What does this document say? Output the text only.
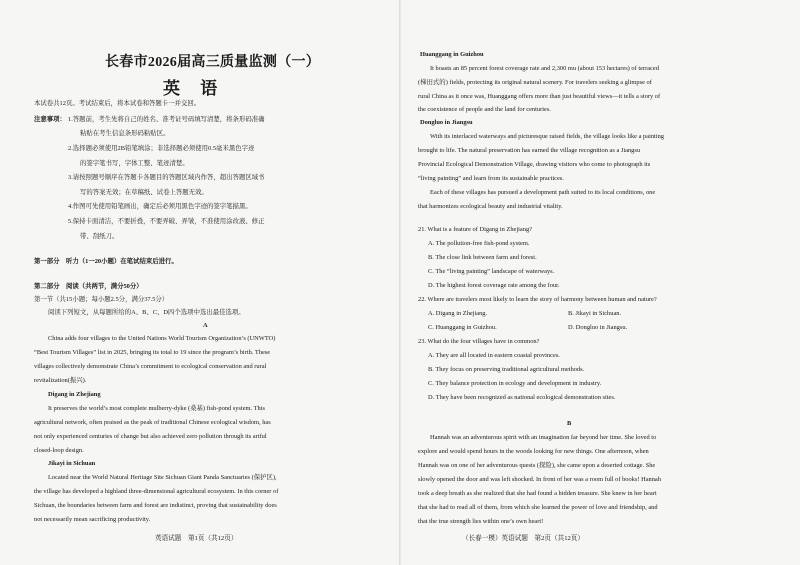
长春市2026届高三质量监测（一）
英 语
本试卷共12页。考试结束后，将本试卷和答题卡一并交回。
注意事项： 1.答题前，考生先将自己的姓名、准考证号码填写清楚，将条形码准确
粘贴在考生信息条形码粘贴区。
2.选择题必须使用2B铅笔填涂；非选择题必须使用0.5毫米黑色字迹
的签字笔书写，字体工整、笔迹清楚。
3.请按照题号顺序在答题卡各题目的答题区域内作答，超出答题区域书
写的答案无效；在草稿纸、试卷上答题无效。
4.作图可先使用铅笔画出，确定后必须用黑色字迹的签字笔描黑。
5.保持卡面清洁，不要折叠，不要弄破、弄皱，不准使用涂改液、修正
带、刮纸刀。
第一部分　听力（1一20小题）在笔试结束后进行。
第二部分　阅读（共两节，满分50分）
第一节（共15小题；每小题2.5分，满分37.5分）
阅读下列短文，从每题所给的A、B、C、D四个选项中选出最佳选项。
A
China adds four villages to the United Nations World Tourism Organization’s (UNWTO)
“Best Tourism Villages” list in 2025, bringing its total to 19 since the program’s birth. These
villages collectively demonstrate China’s commitment to ecological conservation and rural
revitalization(振兴).
Digang in Zhejiang
It preserves the world’s most complete mulberry-dyke (桑基) fish-pond system. This
agricultural network, often praised as the peak of traditional Chinese ecological wisdom, has
not only experienced centuries of change but also achieved zero pollution through its artful
closed-loop design.
Jikayi in Sichuan
Located near the World Natural Heritage Site Sichuan Giant Panda Sanctuaries (保护区),
the village has developed a highland three-dimensional agricultural ecosystem. In this corner of
Sichuan, the boundaries between farm and forest are indistinct, proving that sustainability does
not necessarily mean sacrificing productivity.
英语试题　第1页（共12页）
Huanggang in Guizhou
It boasts an 85 percent forest coverage rate and 2,300 mu (about 153 hectares) of terraced
(梯田式的) fields, protecting its original natural scenery. For travelers seeking a glimpse of
rural China as it once was, Huanggang offers more than just beautiful views—it tells a story of
the coexistence of people and the land for centuries.
Dongluo in Jiangsu
With its interlaced waterways and picturesque raised fields, the village looks like a painting
brought to life. The natural preservation has earned the village recognition as a Jiangsu
Provincial Ecological Demonstration Village, drawing visitors who come to photograph its
“living painting” and learn from its sustainable practices.
Each of these villages has pursued a development path suited to its local conditions, one
that harmonizes ecological beauty and industrial vitality.
21. What is a feature of Digang in Zhejiang?
A. The pollution-free fish-pond system.
B. The close link between farm and forest.
C. The “living painting” landscape of waterways.
D. The highest forest coverage rate among the four.
22. Where are travelers most likely to learn the story of harmony between human and nature?
A. Digang in Zhejiang.	B. Jikayi in Sichuan.
C. Huanggang in Guizhou.	D. Dongluo in Jiangsu.
23. What do the four villages have in common?
A. They are all located in eastern coastal provinces.
B. They focus on preserving traditional agricultural methods.
C. They balance protection in ecology and development in industry.
D. They have been recognized as national ecological demonstration sites.
B
Hannah was an adventurous spirit with an imagination far beyond her time. She loved to
explore and would spend hours in the woods looking for new things. One afternoon, when
Hannah was on one of her adventurous quests (探险), she came upon a deserted cottage. She
slowly opened the door and was left shocked. In front of her was a room full of books! Hannah
took a deep breath as she realized that she had found a hidden treasure. She knew in her heart
that she had to read all of them, from which she learned the power of love and friendship, and
that the true strength lies within one’s own heart!
（长春一模）英语试题　第2页（共12页）
